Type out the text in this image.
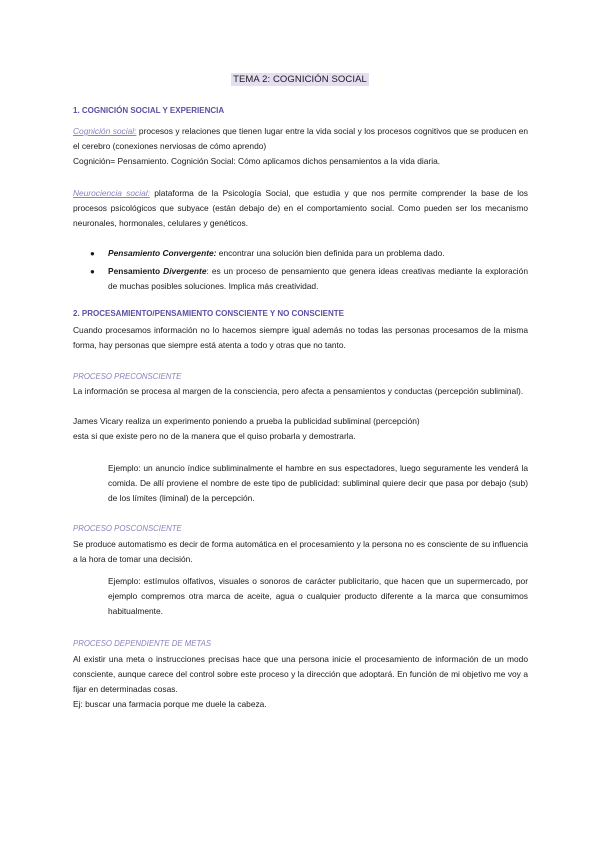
TEMA 2: COGNICIÓN SOCIAL
1. COGNICIÓN SOCIAL Y EXPERIENCIA

Cognición social: procesos y relaciones que tienen lugar entre la vida social y los procesos cognitivos que se producen en el cerebro (conexiones nerviosas de cómo aprendo)

Cognición= Pensamiento. Cognición Social: Cómo aplicamos dichos pensamientos a la vida diaria.

Neurociencia social: plataforma de la Psicología Social, que estudia y que nos permite comprender la base de los procesos psicológicos que subyace (están debajo de) en el comportamiento social. Como pueden ser los mecanismo neuronales, hormonales, celulares y genéticos.

● Pensamiento Convergente: encontrar una solución bien definida para un problema dado.
● Pensamiento Divergente: es un proceso de pensamiento que genera ideas creativas mediante la exploración de muchas posibles soluciones. Implica más creatividad.
2. PROCESAMIENTO/PENSAMIENTO CONSCIENTE Y NO CONSCIENTE

Cuando procesamos información no lo hacemos siempre igual además no todas las personas procesamos de la misma forma, hay personas que siempre está atenta a todo y otras que no tanto.

PROCESO PRECONSCIENTE

La información se procesa al margen de la consciencia, pero afecta a pensamientos y conductas (percepción subliminal).

James Vicary realiza un experimento poniendo a prueba la publicidad subliminal (percepción)

esta si que existe pero no de la manera que el quiso probarla y demostrarla.

Ejemplo: un anuncio índice subliminalmente el hambre en sus espectadores, luego seguramente les venderá la comida. De allí proviene el nombre de este tipo de publicidad: subliminal quiere decir que pasa por debajo (sub) de los límites (liminal) de la percepción.

PROCESO POSCONSCIENTE

Se produce automatismo es decir de forma automática en el procesamiento y la persona no es consciente de su influencia a la hora de tomar una decisión.

Ejemplo: estímulos olfativos, visuales o sonoros de carácter publicitario, que hacen que un supermercado, por ejemplo compremos otra marca de aceite, agua o cualquier producto diferente a la marca que consumimos habitualmente.

PROCESO DEPENDIENTE DE METAS

Al existir una meta o instrucciones precisas hace que una persona inicie el procesamiento de información de un modo consciente, aunque carece del control sobre este proceso y la dirección que adoptará. En función de mi objetivo me voy a fijar en determinadas cosas.

Ej: buscar una farmacia porque me duele la cabeza.
